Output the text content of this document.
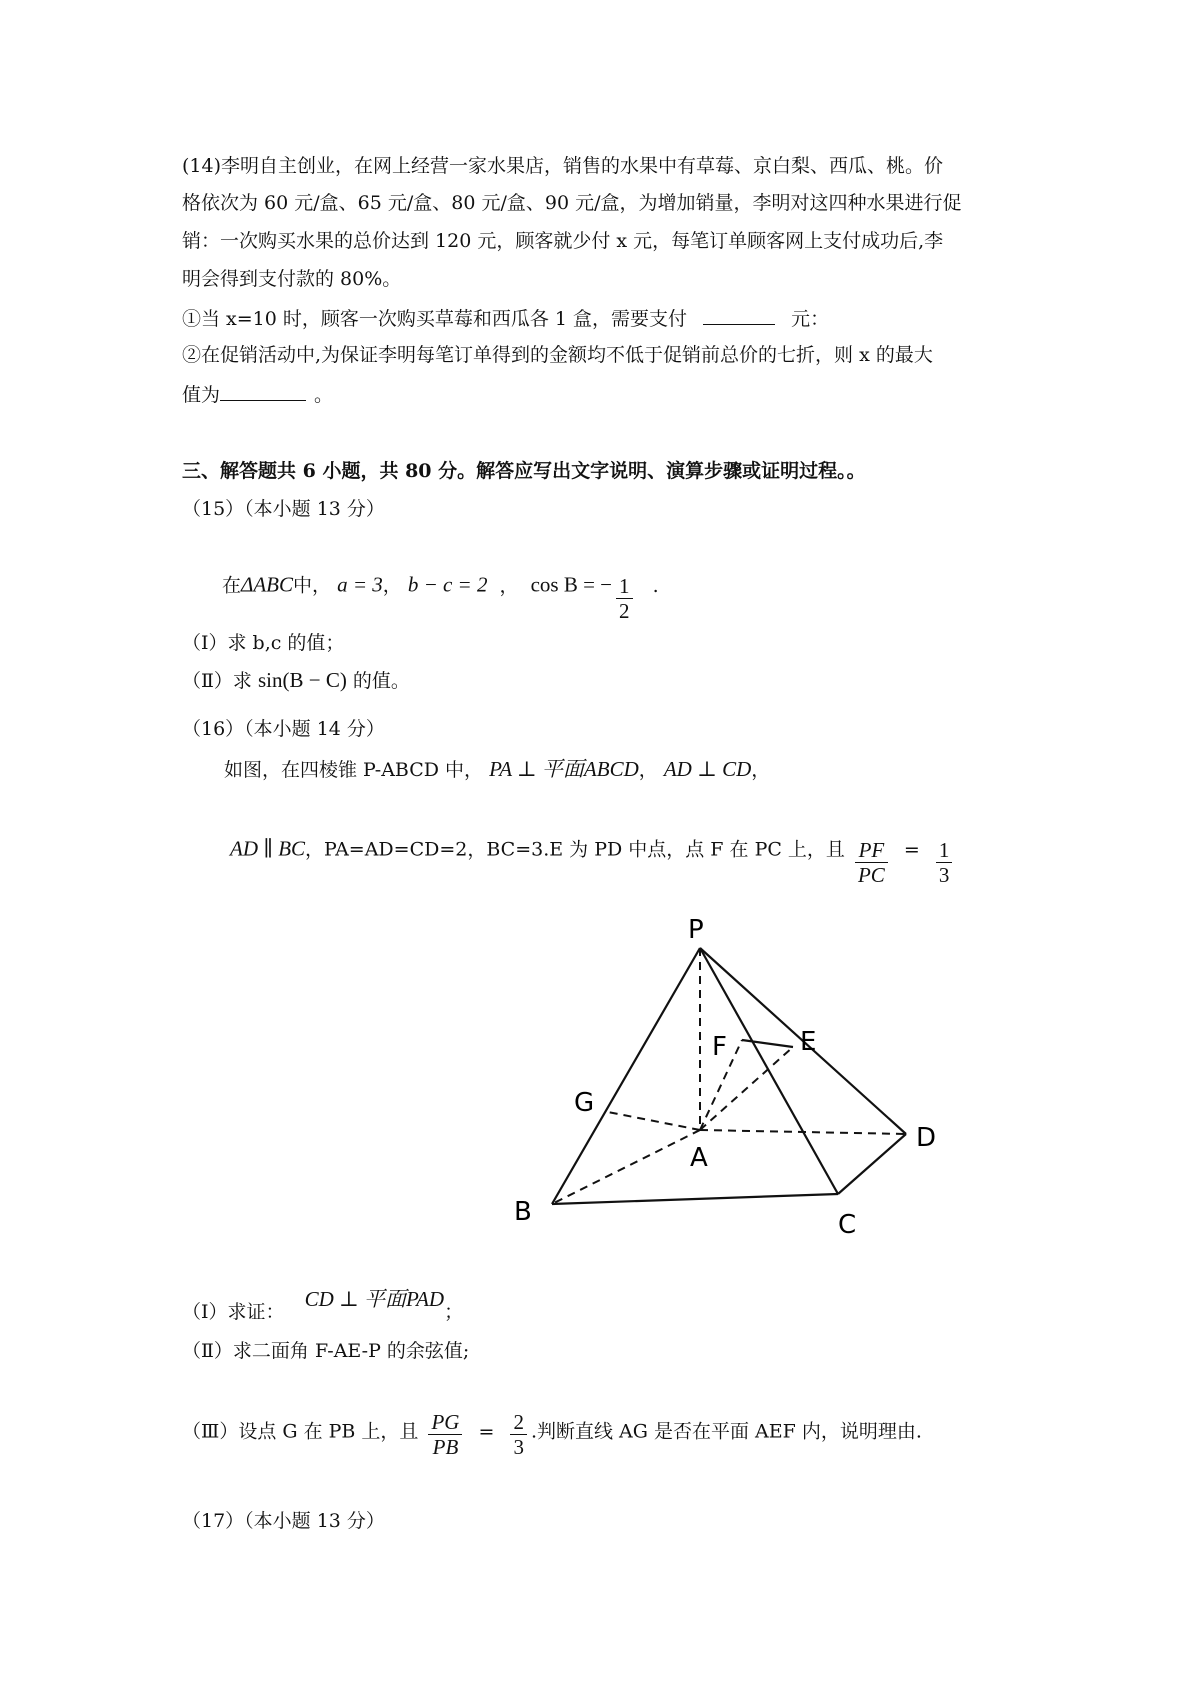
(14)李明自主创业，在网上经营一家水果店，销售的水果中有草莓、京白梨、西瓜、桃。价
格依次为 60 元/盒、65 元/盒、80 元/盒、90 元/盒，为增加销量，李明对这四种水果进行促
销：一次购买水果的总价达到 120 元，顾客就少付 x 元，每笔订单顾客网上支付成功后,李
明会得到支付款的 80%。
①当 x=10 时，顾客一次购买草莓和西瓜各 1 盒，需要支付	元：
②在促销活动中,为保证李明每笔订单得到的金额均不低于促销前总价的七折，则 x 的最大
值为	。
三、解答题共 6 小题，共 80 分。解答应写出文字说明、演算步骤或证明过程。。
（15）（本小题 13 分）
在ΔABC中， a = 3， b − c = 2 ， cos B = − $\frac{1}{2}$ .
（Ⅰ）求 b,c 的值；
（Ⅱ）求 sin(B − C) 的值。
（16）（本小题 14 分）
如图，在四棱锥 P-ABCD 中， PA ⊥ 平面ABCD， AD ⊥ CD，
AD ∥ BC，PA=AD=CD=2，BC=3.E 为 PD 中点，点 F 在 PC 上，且 $\frac{PF}{PC} = \frac{1}{3}$
P
F	E
G
A
D
B	C
（Ⅰ）求证： CD ⊥ 平面PAD；
（Ⅱ）求二面角 F-AE-P 的余弦值;
（Ⅲ）设点 G 在 PB 上，且 $\frac{PG}{PB} = \frac{2}{3}$ .判断直线 AG 是否在平面 AEF 内，说明理由.
（17）（本小题 13 分）
